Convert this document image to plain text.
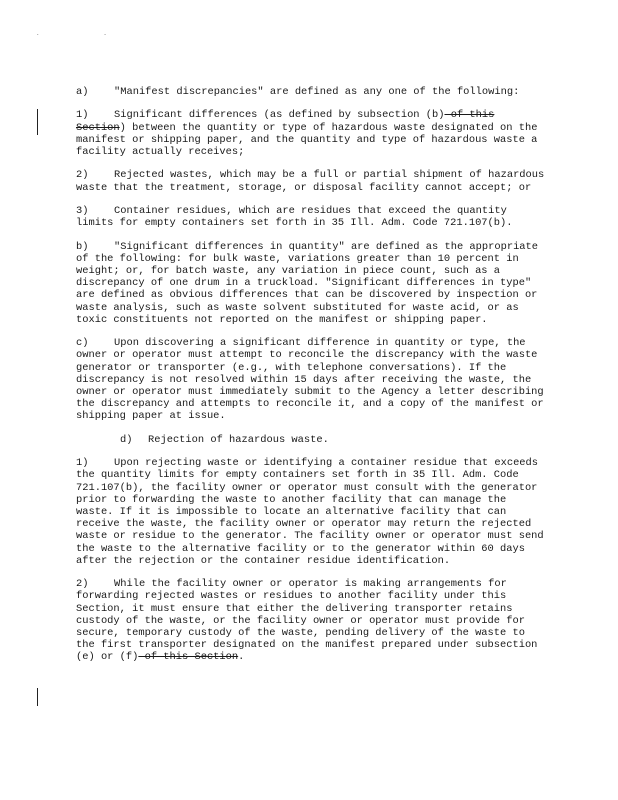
. .

a) "Manifest discrepancies" are defined as any one of the following:

1) Significant differences (as defined by subsection (b) of this Section) between the quantity or type of hazardous waste designated on the manifest or shipping paper, and the quantity and type of hazardous waste a facility actually receives;

2) Rejected wastes, which may be a full or partial shipment of hazardous waste that the treatment, storage, or disposal facility cannot accept; or

3) Container residues, which are residues that exceed the quantity limits for empty containers set forth in 35 Ill. Adm. Code 721.107(b).

b) "Significant differences in quantity" are defined as the appropriate of the following: for bulk waste, variations greater than 10 percent in weight; or, for batch waste, any variation in piece count, such as a discrepancy of one drum in a truckload. "Significant differences in type" are defined as obvious differences that can be discovered by inspection or waste analysis, such as waste solvent substituted for waste acid, or as toxic constituents not reported on the manifest or shipping paper.

c) Upon discovering a significant difference in quantity or type, the owner or operator must attempt to reconcile the discrepancy with the waste generator or transporter (e.g., with telephone conversations). If the discrepancy is not resolved within 15 days after receiving the waste, the owner or operator must immediately submit to the Agency a letter describing the discrepancy and attempts to reconcile it, and a copy of the manifest or shipping paper at issue.

d) Rejection of hazardous waste.

1) Upon rejecting waste or identifying a container residue that exceeds the quantity limits for empty containers set forth in 35 Ill. Adm. Code 721.107(b), the facility owner or operator must consult with the generator prior to forwarding the waste to another facility that can manage the waste. If it is impossible to locate an alternative facility that can receive the waste, the facility owner or operator may return the rejected waste or residue to the generator. The facility owner or operator must send the waste to the alternative facility or to the generator within 60 days after the rejection or the container residue identification.

2) While the facility owner or operator is making arrangements for forwarding rejected wastes or residues to another facility under this Section, it must ensure that either the delivering transporter retains custody of the waste, or the facility owner or operator must provide for secure, temporary custody of the waste, pending delivery of the waste to the first transporter designated on the manifest prepared under subsection (e) or (f) of this Section.
